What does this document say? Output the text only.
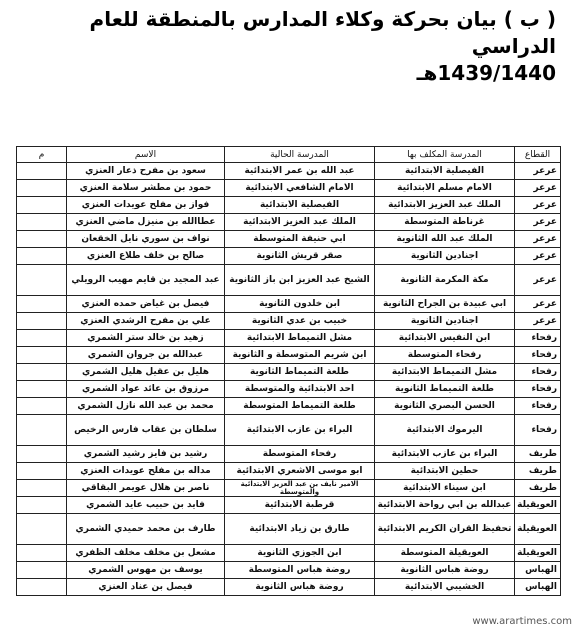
( ب ) بيان بحركة وكلاء المدارس بالمنطقة للعام الدراسي
1439/1440هـ
القطاع	المدرسة المكلف بها	المدرسة الحالية	الاسم	م
عرعر	الفيصلية الابتدائية	عبد الله بن عمر الابتدائية	سعود بن مفرح ذعار العنزي	
عرعر	الامام مسلم الابتدائية	الامام الشافعي الابتدائية	حمود بن مطشر سلامة العنزي	
عرعر	الملك عبد العزيز الابتدائية	الفيصلية الابتدائية	فواز بن مفلح عويدات العنزي	
عرعر	غرناطة المتوسطة	الملك عبد العزيز الابتدائية	عطاالله بن منيزل ماضي العنزي	
عرعر	الملك عبد الله الثانوية	ابي حنيفة المتوسطة	نواف بن سوري نايل الخقعان	
عرعر	اجنادين الثانوية	صقر قريش الثانوية	صالح بن خلف طلاع العنزي	
عرعر	مكة المكرمة الثانوية	الشيخ عبد العزيز ابن باز الثانوية	عبد المجيد بن قايم مهيب الرويلي	
عرعر	ابي عبيدة بن الجراح الثانوية	ابن خلدون الثانوية	فيصل بن غياض حمده العنزي	
عرعر	اجنادين الثانوية	خبيب بن عدي الثانوية	علي بن مفرح الرشدي العنزي	
رفحاء	ابن النفيس الابتدائية	مشل التميماط الابتدائية	زهيد بن خالد ستر الشمري	
رفحاء	رفحاء المتوسطة	ابن شريم المتوسطة و الثانوية	عبدالله بن جروان الشمري	
رفحاء	مشل التميماط الابتدائية	طلعة التميماط الثانوية	هليل بن عقيل هليل الشمري	
رفحاء	طلعة التميماط الثانوية	احد الابتدائية والمتوسطة	مرزوق بن عائد عواد الشمري	
رفحاء	الحسن البصري الثانوية	طلعة التميماط المتوسطة	محمد بن عبد الله نازل الشمري	
رفحاء	اليرموك الابتدائية	البراء بن عازب الابتدائية	سلطان بن عقاب فارس الرخيص	
طريف	البراء بن عازب الابتدائية	رفحاء المتوسطة	رشيد بن فايز رشيد الشمري	
طريف	حطين الابتدائية	ابو موسى الاشعري الابتدائية	مداله بن مفلح عويدات العنزي	
طريف	ابن سيناء الابتدائية	الامير نايف بن عبد العزيز الابتدائية والمتوسطة	ناصر بن هلال عويمر البقاقي	
العويقيلة	عبدالله بن ابي رواحة الابتدائية	قرطبة الابتدائية	فايد بن حبيب عايد الشمري	
العويقيلة	تحفيظ القران الكريم الابتدائية	طارق بن زياد الابتدائية	طارف بن محمد حميدي الشمري	
العويقيلة	العويقيلة المتوسطة	ابن الجوزي الثانوية	مشعل بن مخلف مخلف الظفري	
الهباس	روضة هباس الثانوية	روضة هباس المتوسطة	يوسف بن مهوس الشمري	
الهباس	الخشيبي الابتدائية	روضة هباس الثانوية	فيصل بن عناد العنزي	
www.arartimes.com
